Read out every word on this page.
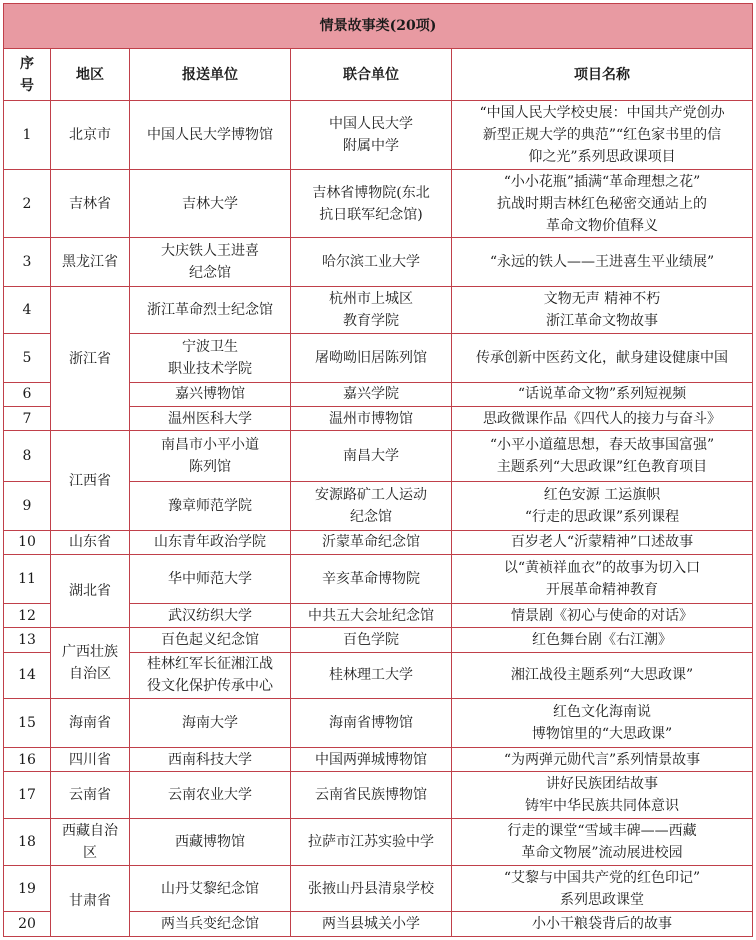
情景故事类(20项)				

序
号	地区	报送单位	联合单位	项目名称
1	北京市	中国人民大学博物馆	中国人民大学
附属中学	“中国人民大学校史展：中国共产党创办
新型正规大学的典范”“红色家书里的信
仰之光”系列思政课项目

2	吉林省	吉林大学	吉林省博物院(东北
抗日联军纪念馆)	“小小花瓶”插满“革命理想之花”
抗战时期吉林红色秘密交通站上的
革命文物价值释义

3	黑龙江省	大庆铁人王进喜
纪念馆	哈尔滨工业大学	“永远的铁人——王进喜生平业绩展”

4	浙江省	浙江革命烈士纪念馆	杭州市上城区
教育学院	文物无声 精神不朽
浙江革命文物故事

5		宁波卫生
职业技术学院	屠呦呦旧居陈列馆	传承创新中医药文化，献身建设健康中国

6		嘉兴博物馆	嘉兴学院	“话说革命文物”系列短视频

7		温州医科大学	温州市博物馆	思政微课作品《四代人的接力与奋斗》

8	江西省	南昌市小平小道
陈列馆	南昌大学	“小平小道蕴思想，春天故事国富强”
主题系列“大思政课”红色教育项目

9		豫章师范学院	安源路矿工人运动
纪念馆	红色安源 工运旗帜
“行走的思政课”系列课程

10	山东省	山东青年政治学院	沂蒙革命纪念馆	百岁老人“沂蒙精神”口述故事

11	湖北省	华中师范大学	辛亥革命博物院	以“黄祯祥血衣”的故事为切入口
开展革命精神教育

12		武汉纺织大学	中共五大会址纪念馆	情景剧《初心与使命的对话》

13	广西壮族
自治区	百色起义纪念馆	百色学院	红色舞台剧《右江潮》

14		桂林红军长征湘江战
役文化保护传承中心	桂林理工大学	湘江战役主题系列“大思政课”

15	海南省	海南大学	海南省博物馆	红色文化海南说
博物馆里的“大思政课”

16	四川省	西南科技大学	中国两弹城博物馆	“为两弹元勋代言”系列情景故事

17	云南省	云南农业大学	云南省民族博物馆	讲好民族团结故事
铸牢中华民族共同体意识

18	西藏自治
区	西藏博物馆	拉萨市江苏实验中学	行走的课堂“雪域丰碑——西藏
革命文物展”流动展进校园

19	甘肃省	山丹艾黎纪念馆	张掖山丹县清泉学校	“艾黎与中国共产党的红色印记”
系列思政课堂

20		两当兵变纪念馆	两当县城关小学	小小干粮袋背后的故事
